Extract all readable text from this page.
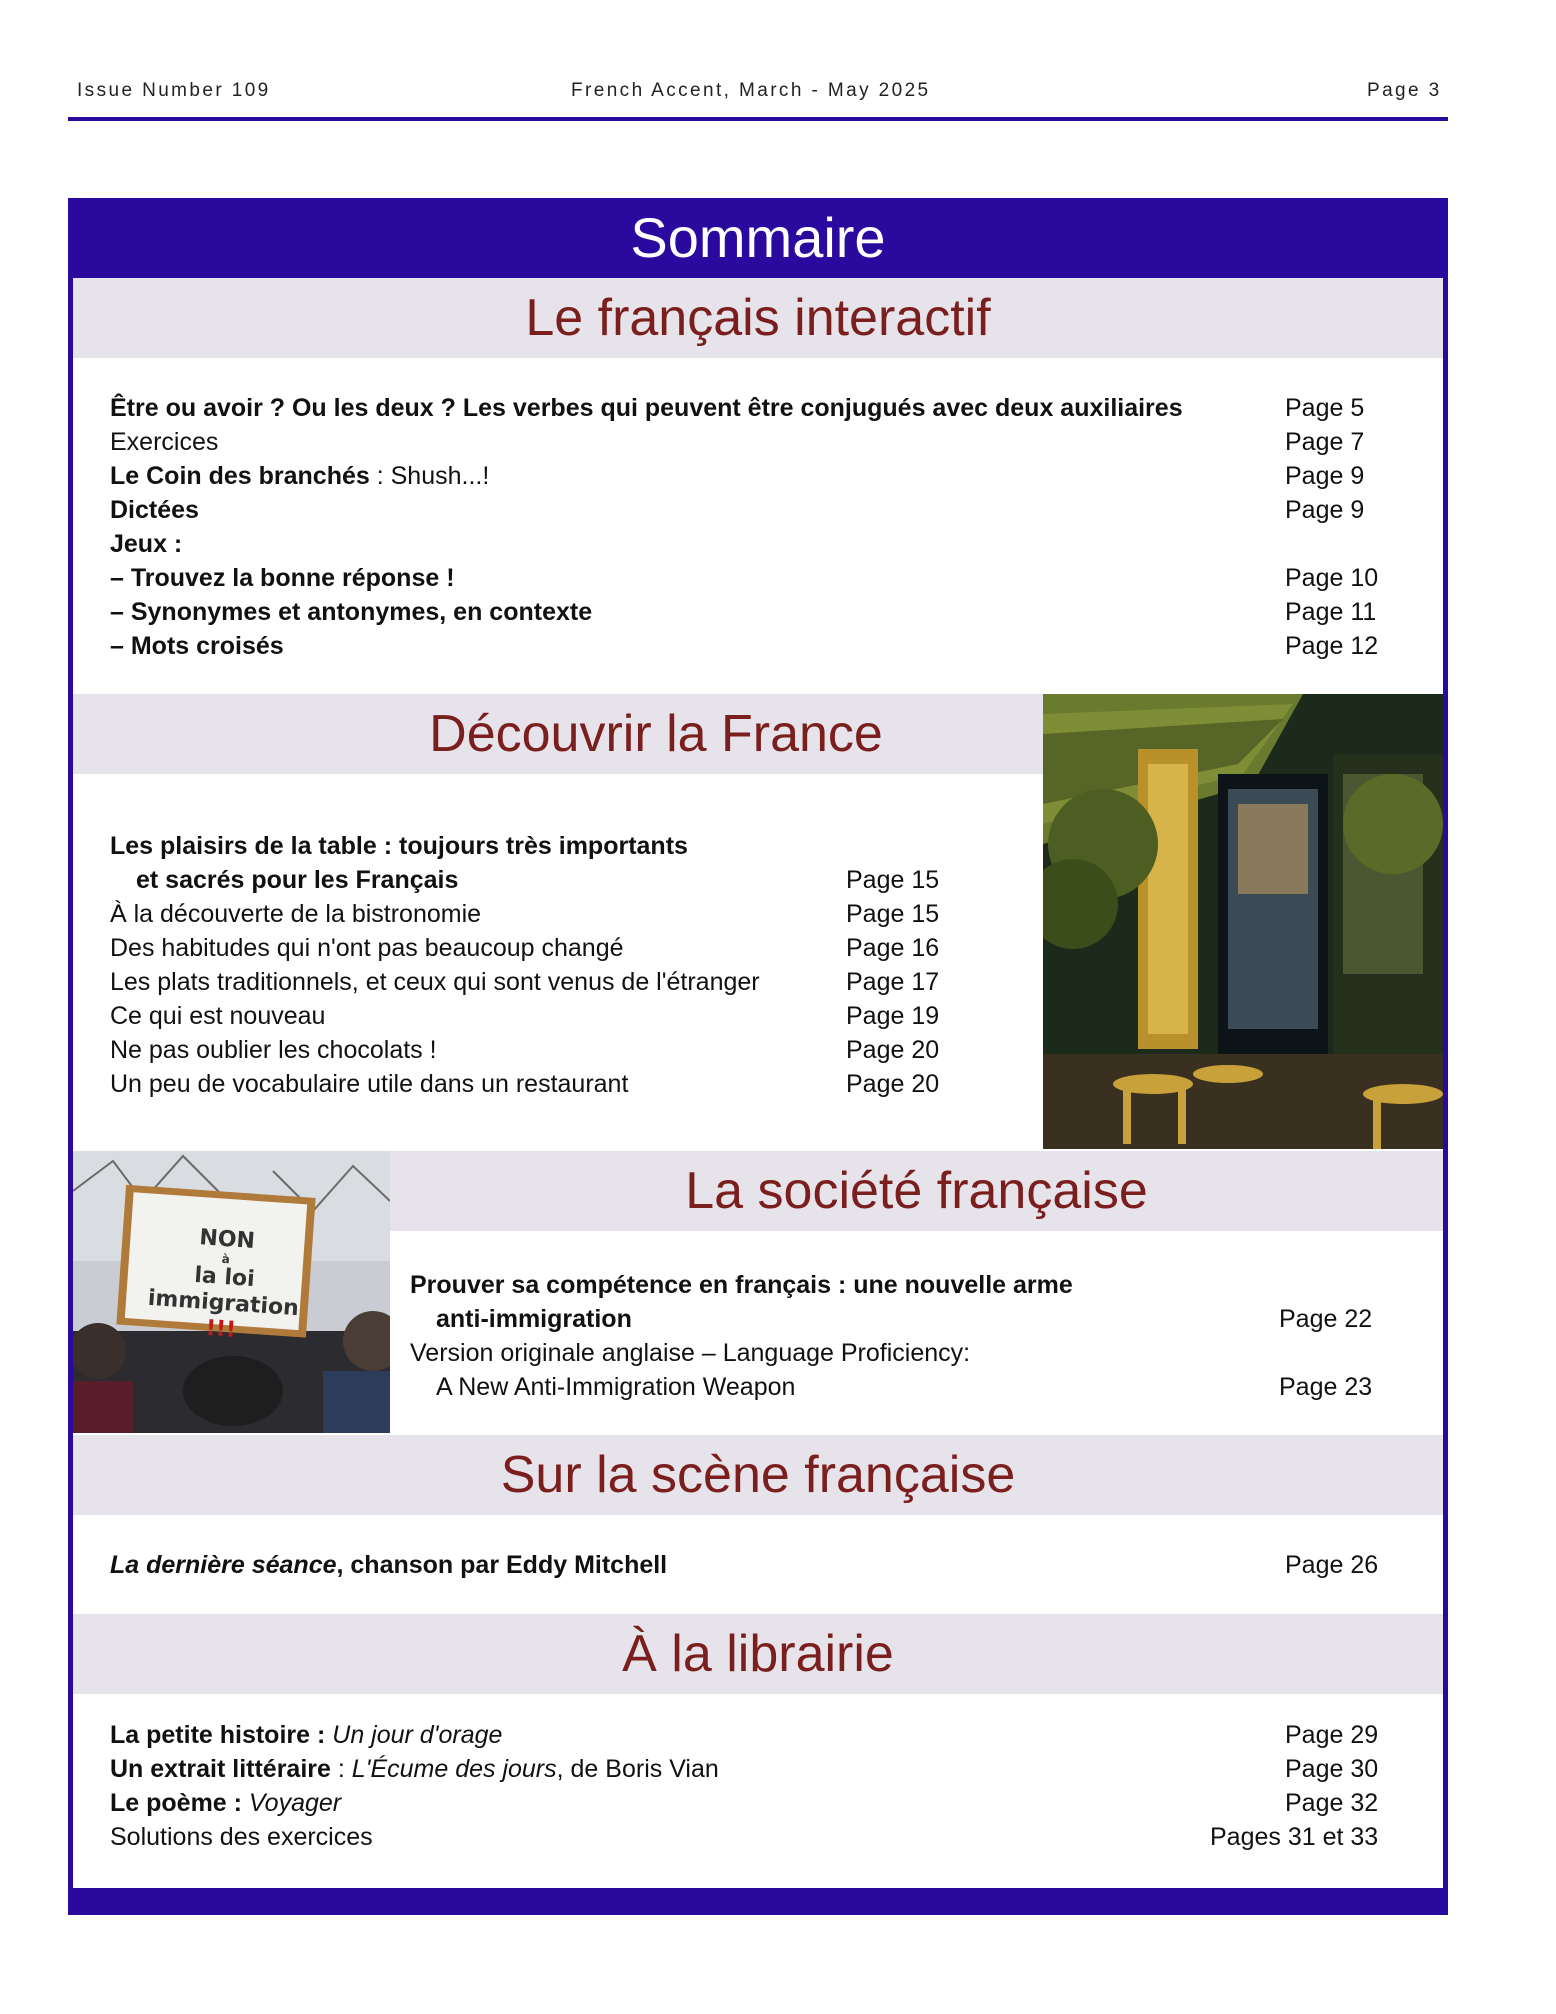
Issue Number 109	French Accent, March - May 2025	Page 3
Sommaire
Le français interactif
Être ou avoir ? Ou les deux ? Les verbes qui peuvent être conjugués avec deux auxiliaires	Page 5
Exercices	Page 7
Le Coin des branchés : Shush...!	Page 9
Dictées	Page 9
Jeux :
– Trouvez la bonne réponse !	Page 10
– Synonymes et antonymes, en contexte	Page 11
– Mots croisés	Page 12
Découvrir la France
Les plaisirs de la table : toujours très importants
et sacrés pour les Français	Page 15
À la découverte de la bistronomie	Page 15
Des habitudes qui n'ont pas beaucoup changé	Page 16
Les plats traditionnels, et ceux qui sont venus de l'étranger	Page 17
Ce qui est nouveau	Page 19
Ne pas oublier les chocolats !	Page 20
Un peu de vocabulaire utile dans un restaurant	Page 20
NON
à
la loi
immigration !!!
La société française
Prouver sa compétence en français : une nouvelle arme
anti-immigration	Page 22
Version originale anglaise – Language Proficiency:
A New Anti-Immigration Weapon	Page 23
Sur la scène française
La dernière séance, chanson par Eddy Mitchell	Page 26
À la librairie
La petite histoire : Un jour d'orage	Page 29
Un extrait littéraire : L'Écume des jours, de Boris Vian	Page 30
Le poème : Voyager	Page 32
Solutions des exercices	Pages 31 et 33
